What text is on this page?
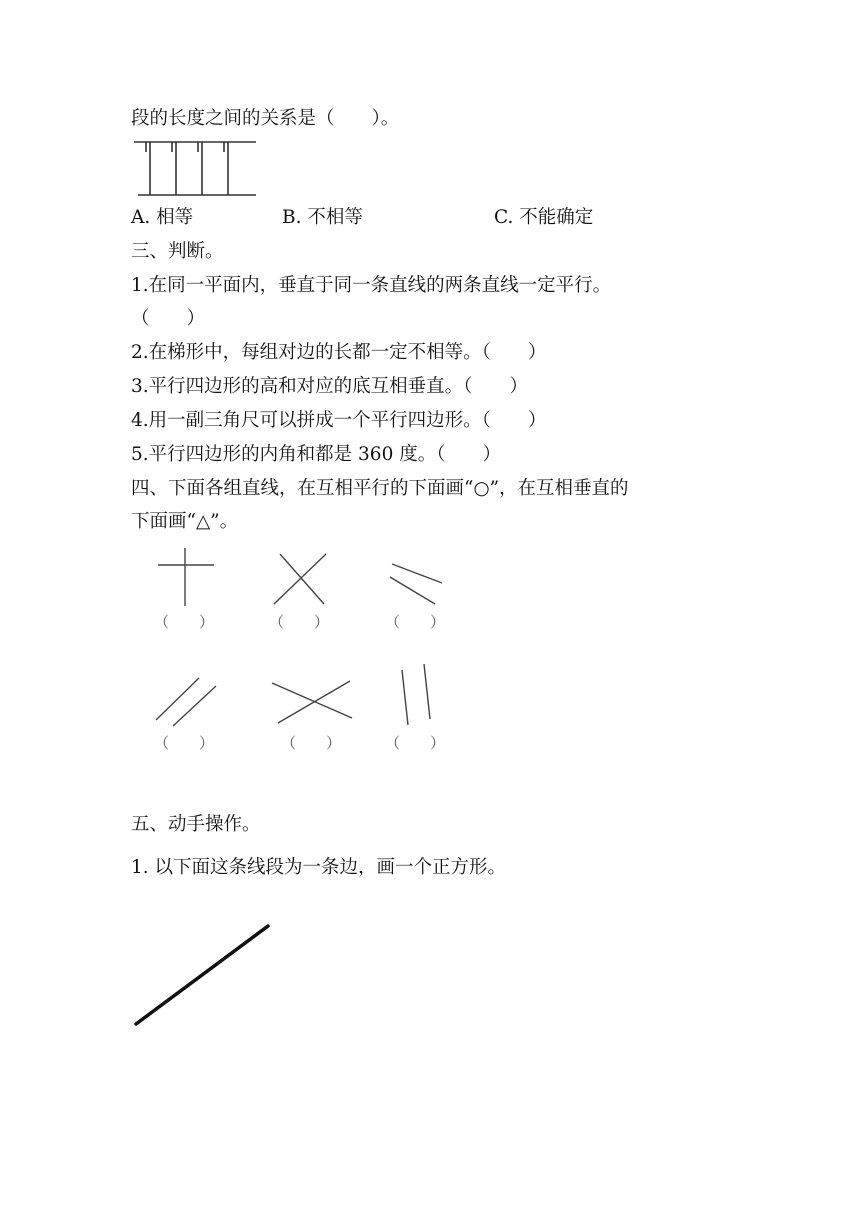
段的长度之间的关系是（　　）。
A. 相等	B. 不相等	C. 不能确定
三、判断。
1.在同一平面内，垂直于同一条直线的两条直线一定平行。
（　　）
2.在梯形中，每组对边的长都一定不相等。（　　）
3.平行四边形的高和对应的底互相垂直。（　　）
4.用一副三角尺可以拼成一个平行四边形。（　　）
5.平行四边形的内角和都是 360 度。（　　）
四、下面各组直线，在互相平行的下面画“○”，在互相垂直的
下面画“△”。
（　　）	（　　）	（　　）
（　　）	（　　）	（　　）
五、动手操作。
1. 以下面这条线段为一条边，画一个正方形。
